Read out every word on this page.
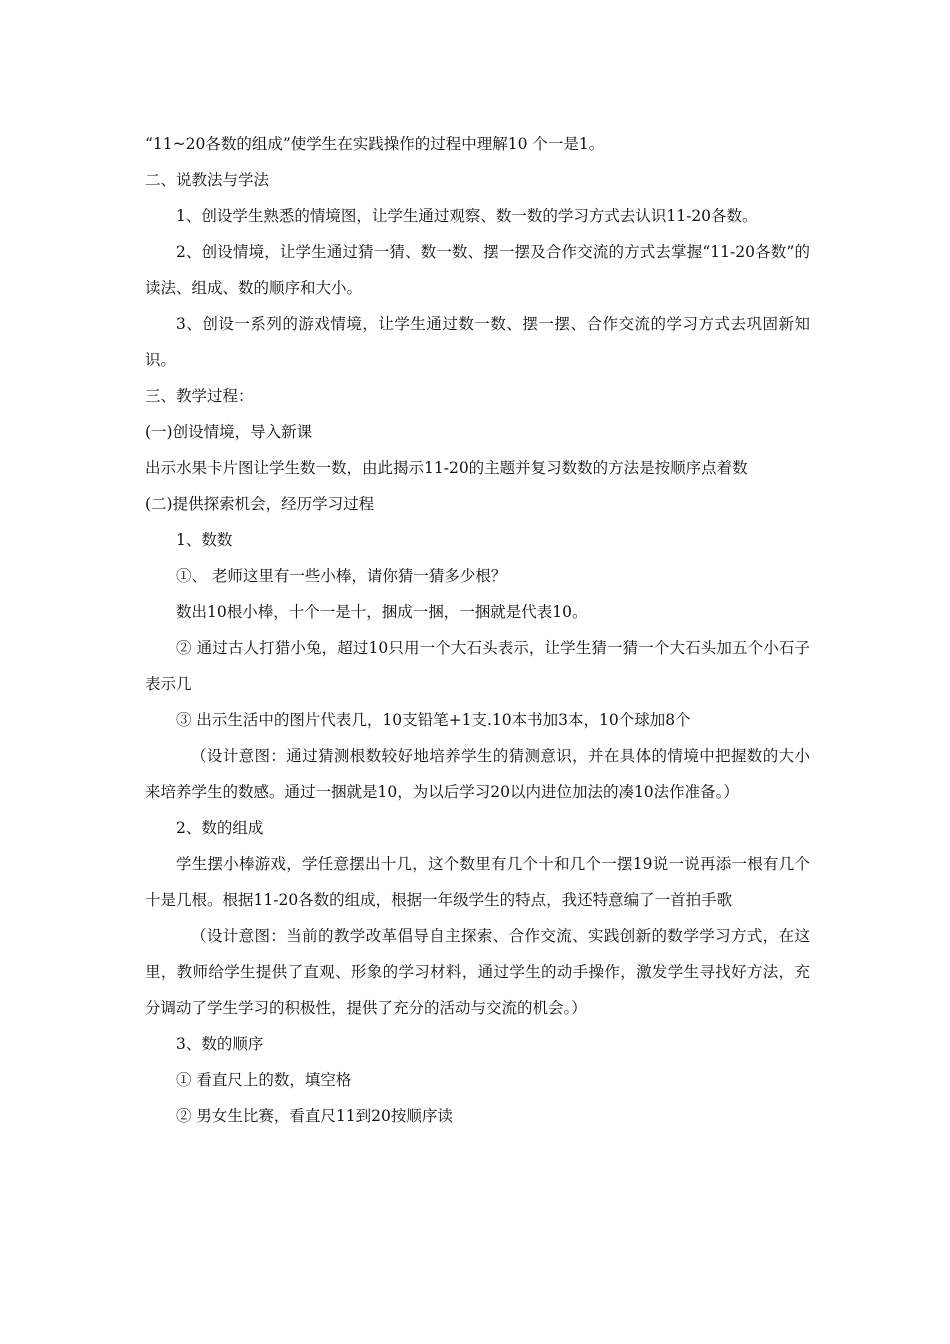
“11~20各数的组成”使学生在实践操作的过程中理解10 个一是1。

二、说教法与学法

1、创设学生熟悉的情境图，让学生通过观察、数一数的学习方式去认识11-20各数。

2、创设情境，让学生通过猜一猜、数一数、摆一摆及合作交流的方式去掌握“11-20各数”的读法、组成、数的顺序和大小。

3、创设一系列的游戏情境，让学生通过数一数、摆一摆、合作交流的学习方式去巩固新知识。

三、教学过程：

(一)创设情境，导入新课

出示水果卡片图让学生数一数，由此揭示11-20的主题并复习数数的方法是按顺序点着数

(二)提供探索机会，经历学习过程

1、数数

①、 老师这里有一些小棒，请你猜一猜多少根？

数出10根小棒，十个一是十，捆成一捆，一捆就是代表10。

② 通过古人打猎小兔，超过10只用一个大石头表示，让学生猜一猜一个大石头加五个小石子表示几

③ 出示生活中的图片代表几，10支铅笔+1支.10本书加3本，10个球加8个

（设计意图：通过猜测根数较好地培养学生的猜测意识，并在具体的情境中把握数的大小来培养学生的数感。通过一捆就是10，为以后学习20以内进位加法的凑10法作准备。）

2、数的组成

学生摆小棒游戏，学任意摆出十几，这个数里有几个十和几个一摆19说一说再添一根有几个十是几根。根据11-20各数的组成，根据一年级学生的特点，我还特意编了一首拍手歌

（设计意图：当前的教学改革倡导自主探索、合作交流、实践创新的数学学习方式，在这里，教师给学生提供了直观、形象的学习材料，通过学生的动手操作，激发学生寻找好方法，充分调动了学生学习的积极性，提供了充分的活动与交流的机会。）

3、数的顺序

① 看直尺上的数，填空格

② 男女生比赛，看直尺11到20按顺序读
